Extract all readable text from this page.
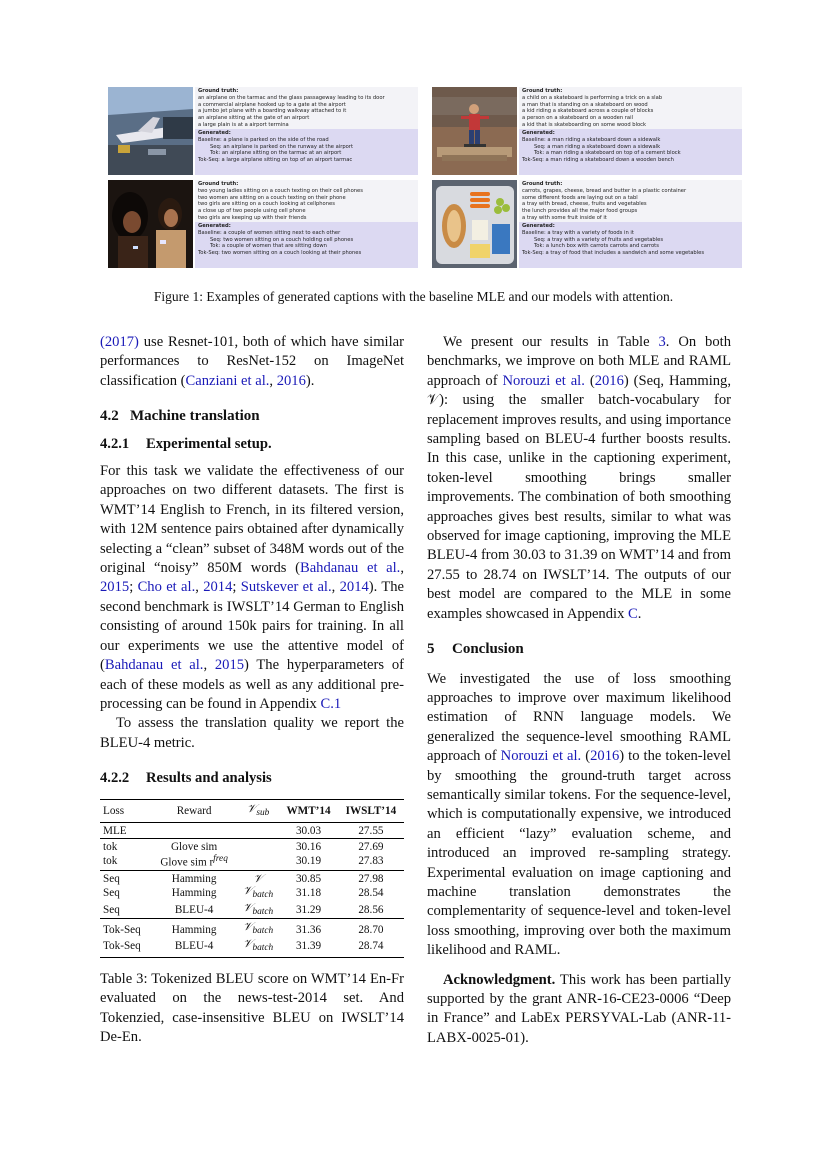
Ground truth:
an airplane on the tarmac and the glass passageway leading to its door
a commercial airplane hooked up to a gate at the airport
a jumbo jet plane with a boarding walkway attached to it
an airplane sitting at the gate of an airport
a large plain is at a airport termina
Generated:
Baseline: a plane is parked on the side of the road
Seq: an airplane is parked on the runway at the airport
Tok: an airplane sitting on the tarmac at an airport
Tok-Seq: a large airplane sitting on top of an airport tarmac
Ground truth:
a child on a skateboard is performing a trick on a slab
a man that is standing on a skateboard on wood
a kid riding a skateboard across a couple of blocks
a person on a skateboard on a wooden rail
a kid that is skateboarding on some wood block
Generated:
Baseline: a man riding a skateboard down a sidewalk
Seq: a man riding a skateboard down a sidewalk
Tok: a man riding a skateboard on top of a cement block
Tok-Seq: a man riding a skateboard down a wooden bench
Ground truth:
two young ladies sitting on a couch texting on their cell phones
two women are sitting on a couch texting on their phone
two girls are sitting on a couch looking at cellphones
a close up of two people using cell phone
two girls are keeping up with their friends
Generated:
Baseline: a couple of women sitting next to each other
Seq: two women sitting on a couch holding cell phones
Tok: a couple of women that are sitting down
Tok-Seq: two women sitting on a couch looking at their phones
Ground truth:
carrots, grapes, cheese, bread and butter in a plastic container
some different foods are laying out on a tabl
a tray with bread, cheese, fruits and vegetables
the lunch provides all the major food groups
a tray with some fruit inside of it
Generated:
Baseline: a tray with a variety of foods in it
Seq: a tray with a variety of fruits and vegetables
Tok: a lunch box with carrots carrots and carrots
Tok-Seq: a tray of food that includes a sandwich and some vegetables
Figure 1: Examples of generated captions with the baseline MLE and our models with attention.

(2017) use Resnet-101, both of which have similar performances to ResNet-152 on ImageNet classification (Canziani et al., 2016).

4.2 Machine translation
4.2.1 Experimental setup.

For this task we validate the effectiveness of our approaches on two different datasets. The first is WMT’14 English to French, in its filtered version, with 12M sentence pairs obtained after dynamically selecting a “clean” subset of 348M words out of the original “noisy” 850M words (Bahdanau et al., 2015; Cho et al., 2014; Sutskever et al., 2014). The second benchmark is IWSLT’14 German to English consisting of around 150k pairs for training. In all our experiments we use the attentive model of (Bahdanau et al., 2015) The hyperparameters of each of these models as well as any additional pre-processing can be found in Appendix C.1

To assess the translation quality we report the BLEU-4 metric.

4.2.2 Results and analysis
Loss	Reward	𝒱$_{sub}$	WMT’14	IWSLT’14
MLE			30.03	27.55
tok	Glove sim		30.16	27.69
tok	Glove sim $r^{freq}$		30.19	27.83
Seq	Hamming	𝒱	30.85	27.98
Seq	Hamming	𝒱$_{batch}$	31.18	28.54
Seq	BLEU-4	𝒱$_{batch}$	31.29	28.56
Tok-Seq	Hamming	𝒱$_{batch}$	31.36	28.70
Tok-Seq	BLEU-4	𝒱$_{batch}$	31.39	28.74
Table 3: Tokenized BLEU score on WMT’14 En-Fr evaluated on the news-test-2014 set. And Tokenzied, case-insensitive BLEU on IWSLT’14 De-En.

We present our results in Table 3. On both benchmarks, we improve on both MLE and RAML approach of Norouzi et al. (2016) (Seq, Hamming, 𝒱): using the smaller batch-vocabulary for replacement improves results, and using importance sampling based on BLEU-4 further boosts results. In this case, unlike in the captioning experiment, token-level smoothing brings smaller improvements. The combination of both smoothing approaches gives best results, similar to what was observed for image captioning, improving the MLE BLEU-4 from 30.03 to 31.39 on WMT’14 and from 27.55 to 28.74 on IWSLT’14. The outputs of our best model are compared to the MLE in some examples showcased in Appendix C.

5 Conclusion

We investigated the use of loss smoothing approaches to improve over maximum likelihood estimation of RNN language models. We generalized the sequence-level smoothing RAML approach of Norouzi et al. (2016) to the token-level by smoothing the ground-truth target across semantically similar tokens. For the sequence-level, which is computationally expensive, we introduced an efficient “lazy” evaluation scheme, and introduced an improved re-sampling strategy. Experimental evaluation on image captioning and machine translation demonstrates the complementarity of sequence-level and token-level loss smoothing, improving over both the maximum likelihood and RAML.

Acknowledgment. This work has been partially supported by the grant ANR-16-CE23-0006 “Deep in France” and LabEx PERSYVAL-Lab (ANR-11-LABX-0025-01).
